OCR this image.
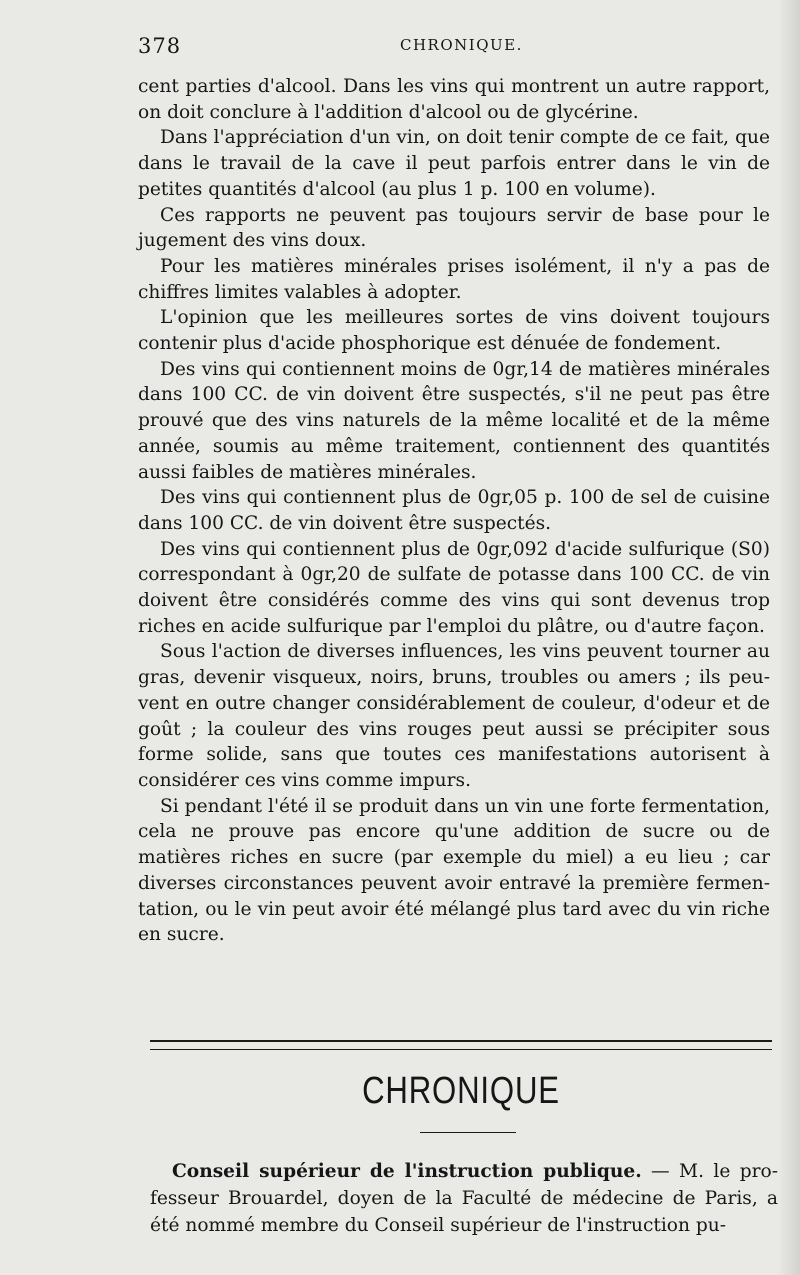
378	CHRONIQUE.

cent parties d'alcool. Dans les vins qui montrent un autre rapport, on doit conclure à l'addition d'alcool ou de glycérine.

Dans l'appréciation d'un vin, on doit tenir compte de ce fait, que dans le travail de la cave il peut parfois entrer dans le vin de petites quantités d'alcool (au plus 1 p. 100 en volume).

Ces rapports ne peuvent pas toujours servir de base pour le jugement des vins doux.

Pour les matières minérales prises isolément, il n'y a pas de chiffres limites valables à adopter.

L'opinion que les meilleures sortes de vins doivent toujours contenir plus d'acide phosphorique est dénuée de fondement.

Des vins qui contiennent moins de 0gr,14 de matières minérales dans 100 CC. de vin doivent être suspectés, s'il ne peut pas être prouvé que des vins naturels de la même localité et de la même année, soumis au même traitement, contiennent des quantités aussi faibles de matières minérales.

Des vins qui contiennent plus de 0gr,05 p. 100 de sel de cuisine dans 100 CC. de vin doivent être suspectés.

Des vins qui contiennent plus de 0gr,092 d'acide sulfurique (S0) correspondant à 0gr,20 de sulfate de potasse dans 100 CC. de vin doivent être considérés comme des vins qui sont devenus trop riches en acide sulfurique par l'emploi du plâtre, ou d'autre façon.

Sous l'action de diverses influences, les vins peuvent tourner au gras, devenir visqueux, noirs, bruns, troubles ou amers ; ils peuvent en outre changer considérablement de couleur, d'odeur et de goût ; la couleur des vins rouges peut aussi se précipiter sous forme solide, sans que toutes ces manifestations autorisent à considérer ces vins comme impurs.

Si pendant l'été il se produit dans un vin une forte fermentation, cela ne prouve pas encore qu'une addition de sucre ou de matières riches en sucre (par exemple du miel) a eu lieu ; car diverses circonstances peuvent avoir entravé la première fermentation, ou le vin peut avoir été mélangé plus tard avec du vin riche en sucre.

CHRONIQUE

Conseil supérieur de l'instruction publique. — M. le professeur Brouardel, doyen de la Faculté de médecine de Paris, a été nommé membre du Conseil supérieur de l'instruction pu-
